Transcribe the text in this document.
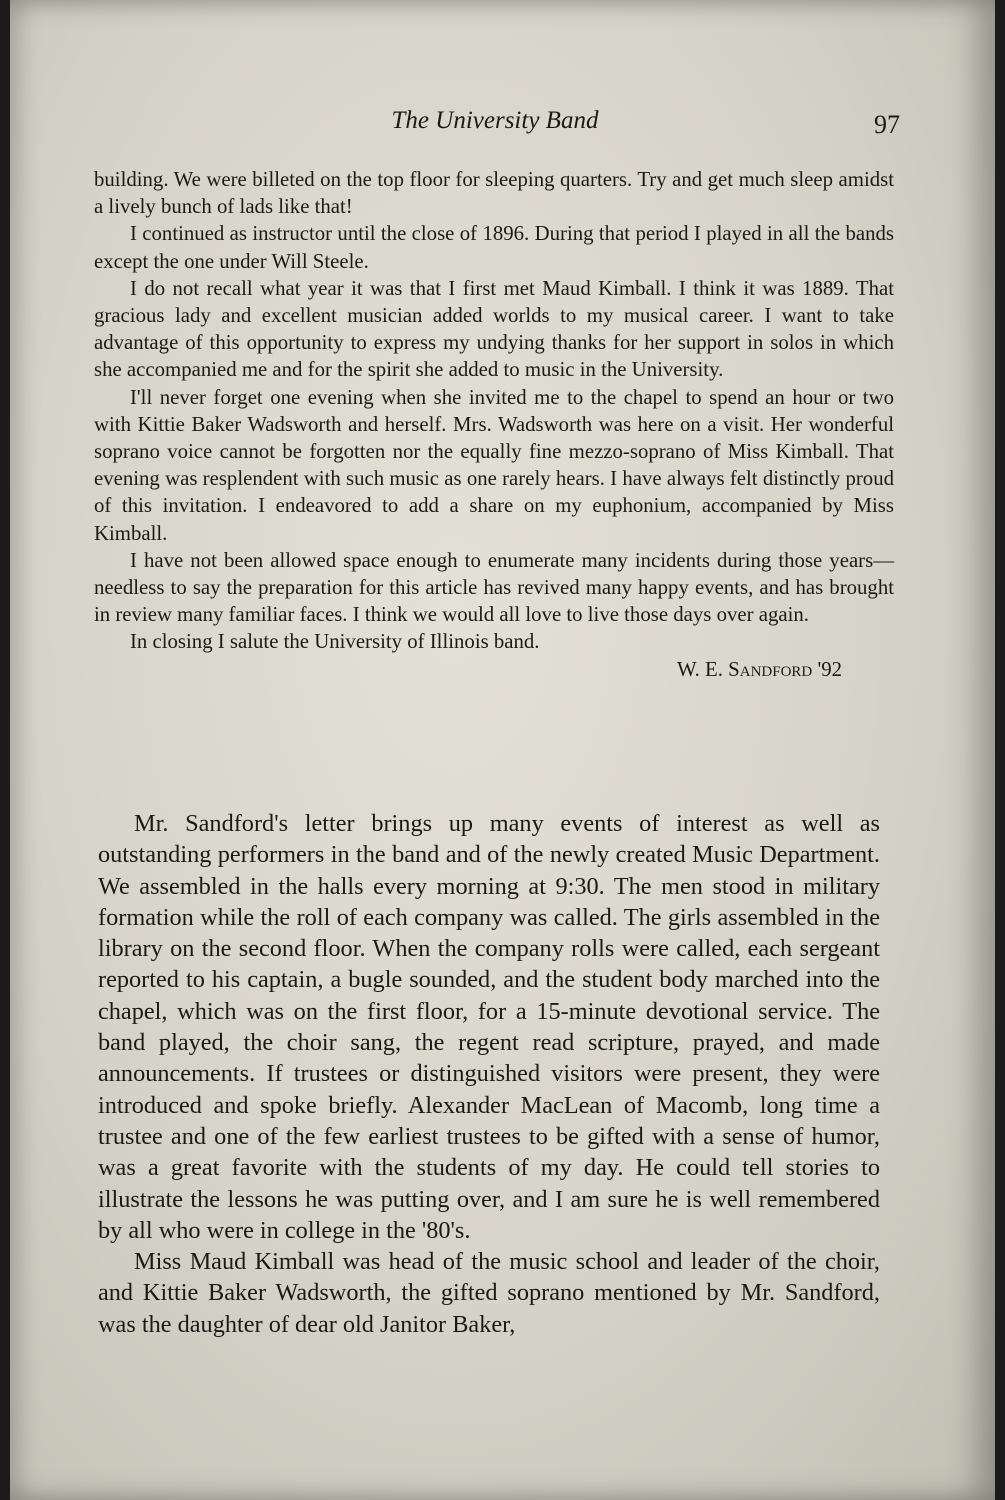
The University Band	97

building. We were billeted on the top floor for sleeping quarters. Try and get much sleep amidst a lively bunch of lads like that!

I continued as instructor until the close of 1896. During that period I played in all the bands except the one under Will Steele.

I do not recall what year it was that I first met Maud Kimball. I think it was 1889. That gracious lady and excellent musician added worlds to my musical career. I want to take advantage of this opportunity to express my undying thanks for her support in solos in which she accompanied me and for the spirit she added to music in the University.

I'll never forget one evening when she invited me to the chapel to spend an hour or two with Kittie Baker Wadsworth and herself. Mrs. Wadsworth was here on a visit. Her wonderful soprano voice cannot be forgotten nor the equally fine mezzo-soprano of Miss Kimball. That evening was resplendent with such music as one rarely hears. I have always felt distinctly proud of this invitation. I endeavored to add a share on my euphonium, accompanied by Miss Kimball.

I have not been allowed space enough to enumerate many incidents during those years—needless to say the preparation for this article has revived many happy events, and has brought in review many familiar faces. I think we would all love to live those days over again.

In closing I salute the University of Illinois band.

W. E. Sandford '92

Mr. Sandford's letter brings up many events of interest as well as outstanding performers in the band and of the newly created Music Department. We assembled in the halls every morning at 9:30. The men stood in military formation while the roll of each company was called. The girls assembled in the library on the second floor. When the company rolls were called, each sergeant reported to his captain, a bugle sounded, and the student body marched into the chapel, which was on the first floor, for a 15-minute devotional service. The band played, the choir sang, the regent read scripture, prayed, and made announcements. If trustees or distinguished visitors were present, they were introduced and spoke briefly. Alexander MacLean of Macomb, long time a trustee and one of the few earliest trustees to be gifted with a sense of humor, was a great favorite with the students of my day. He could tell stories to illustrate the lessons he was putting over, and I am sure he is well remembered by all who were in college in the '80's.

Miss Maud Kimball was head of the music school and leader of the choir, and Kittie Baker Wadsworth, the gifted soprano mentioned by Mr. Sandford, was the daughter of dear old Janitor Baker,
